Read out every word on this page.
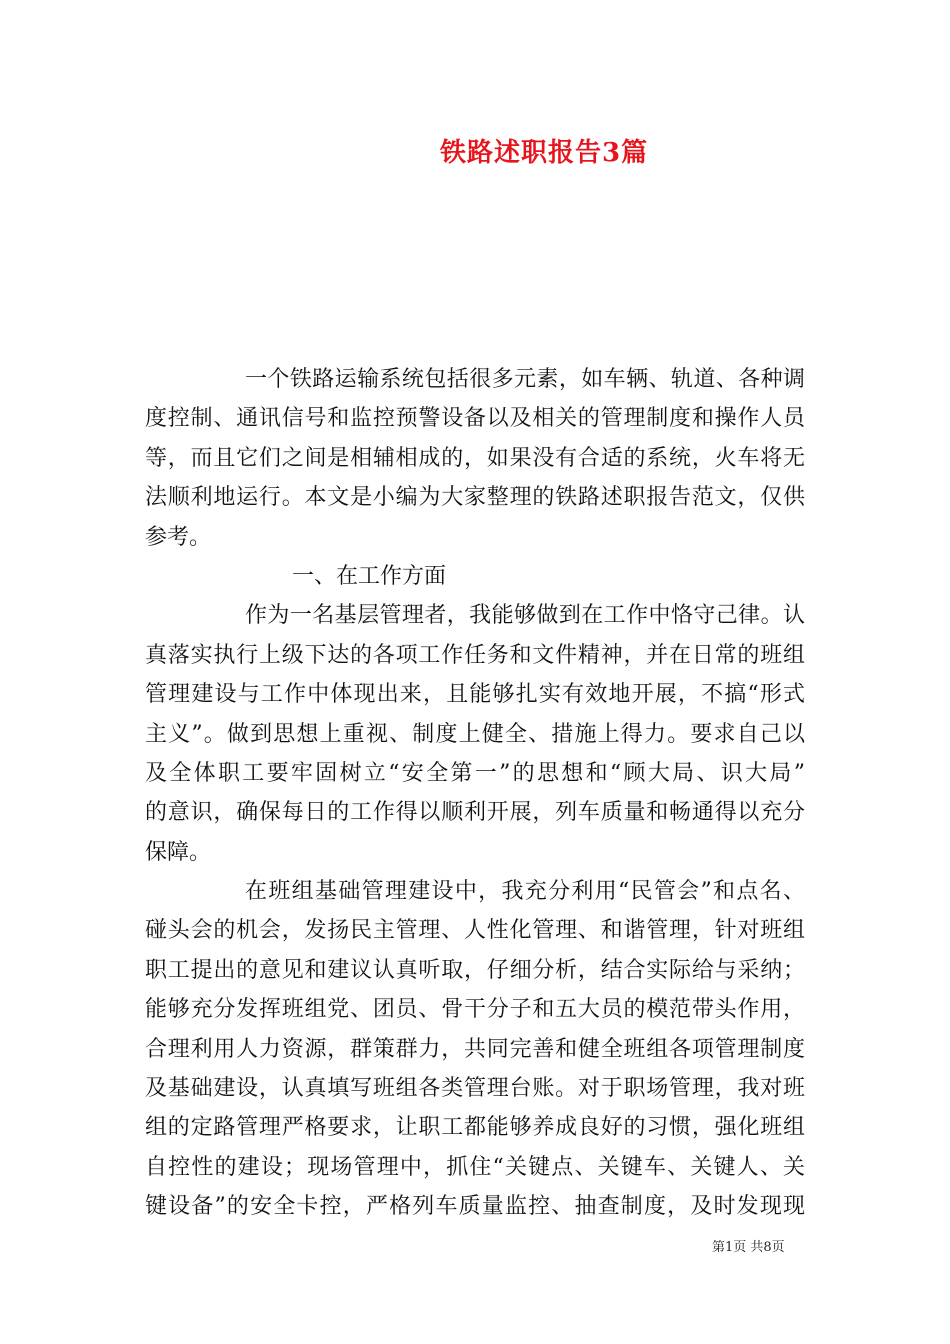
铁路述职报告3篇
一个铁路运输系统包括很多元素，如车辆、轨道、各种调
度控制、通讯信号和监控预警设备以及相关的管理制度和操作人员
等，而且它们之间是相辅相成的，如果没有合适的系统，火车将无
法顺利地运行。本文是小编为大家整理的铁路述职报告范文，仅供
参考。
一、在工作方面
作为一名基层管理者，我能够做到在工作中恪守己律。认
真落实执行上级下达的各项工作任务和文件精神，并在日常的班组
管理建设与工作中体现出来，且能够扎实有效地开展，不搞“形式
主义”。做到思想上重视、制度上健全、措施上得力。要求自己以
及全体职工要牢固树立“安全第一”的思想和“顾大局、识大局”
的意识，确保每日的工作得以顺利开展，列车质量和畅通得以充分
保障。
在班组基础管理建设中，我充分利用“民管会”和点名、
碰头会的机会，发扬民主管理、人性化管理、和谐管理，针对班组
职工提出的意见和建议认真听取，仔细分析，结合实际给与采纳；
能够充分发挥班组党、团员、骨干分子和五大员的模范带头作用，
合理利用人力资源，群策群力，共同完善和健全班组各项管理制度
及基础建设，认真填写班组各类管理台账。对于职场管理，我对班
组的定路管理严格要求，让职工都能够养成良好的习惯，强化班组
自控性的建设；现场管理中，抓住“关键点、关键车、关键人、关
键设备”的安全卡控，严格列车质量监控、抽查制度，及时发现现
第1页 共8页
